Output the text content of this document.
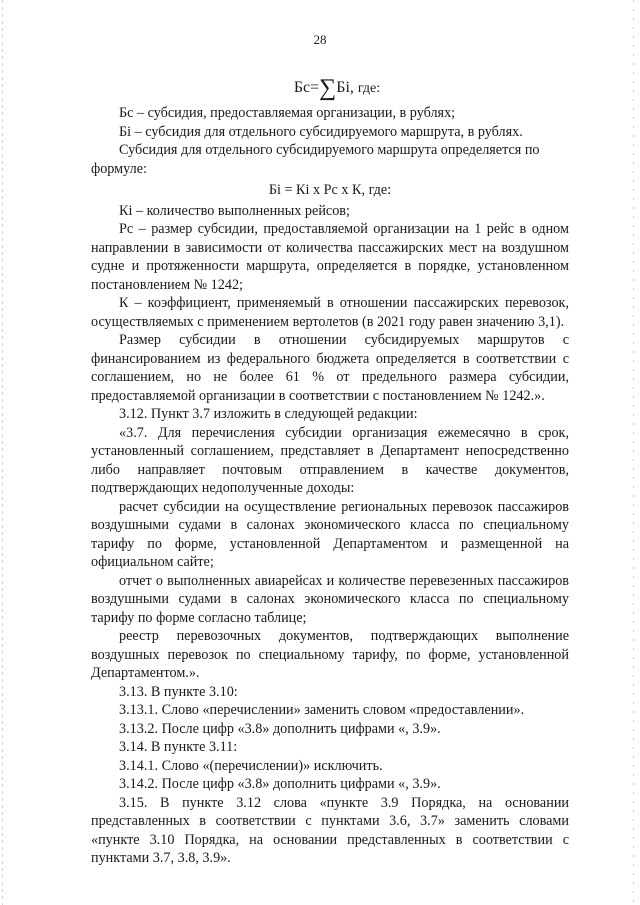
28
Бс=∑Бi, где:

Бс – субсидия, предоставляемая организации, в рублях;

Бi – субсидия для отдельного субсидируемого маршрута, в рублях.

Субсидия для отдельного субсидируемого маршрута определяется по

формуле:

Бi = Кi x Рс x К, где:

Кi – количество выполненных рейсов;

Рс – размер субсидии, предоставляемой организации на 1 рейс в одном направлении в зависимости от количества пассажирских мест на воздушном судне и протяженности маршрута, определяется в порядке, установленном постановлением № 1242;

К – коэффициент, применяемый в отношении пассажирских перевозок, осуществляемых с применением вертолетов (в 2021 году равен значению 3,1).

Размер субсидии в отношении субсидируемых маршрутов с финансированием из федерального бюджета определяется в соответствии с соглашением, но не более 61 % от предельного размера субсидии, предоставляемой организации в соответствии с постановлением № 1242.».

3.12. Пункт 3.7 изложить в следующей редакции:

«3.7. Для перечисления субсидии организация ежемесячно в срок, установленный соглашением, представляет в Департамент непосредственно либо направляет почтовым отправлением в качестве документов, подтверждающих недополученные доходы:

расчет субсидии на осуществление региональных перевозок пассажиров воздушными судами в салонах экономического класса по специальному тарифу по форме, установленной Департаментом и размещенной на официальном сайте;

отчет о выполненных авиарейсах и количестве перевезенных пассажиров воздушными судами в салонах экономического класса по специальному тарифу по форме согласно таблице;

реестр перевозочных документов, подтверждающих выполнение воздушных перевозок по специальному тарифу, по форме, установленной Департаментом.».

3.13. В пункте 3.10:

3.13.1. Слово «перечислении» заменить словом «предоставлении».

3.13.2. После цифр «3.8» дополнить цифрами «, 3.9».

3.14. В пункте 3.11:

3.14.1. Слово «(перечислении)» исключить.

3.14.2. После цифр «3.8» дополнить цифрами «, 3.9».

3.15. В пункте 3.12 слова «пункте 3.9 Порядка, на основании представленных в соответствии с пунктами 3.6, 3.7» заменить словами «пункте 3.10 Порядка, на основании представленных в соответствии с пунктами 3.7, 3.8, 3.9».
